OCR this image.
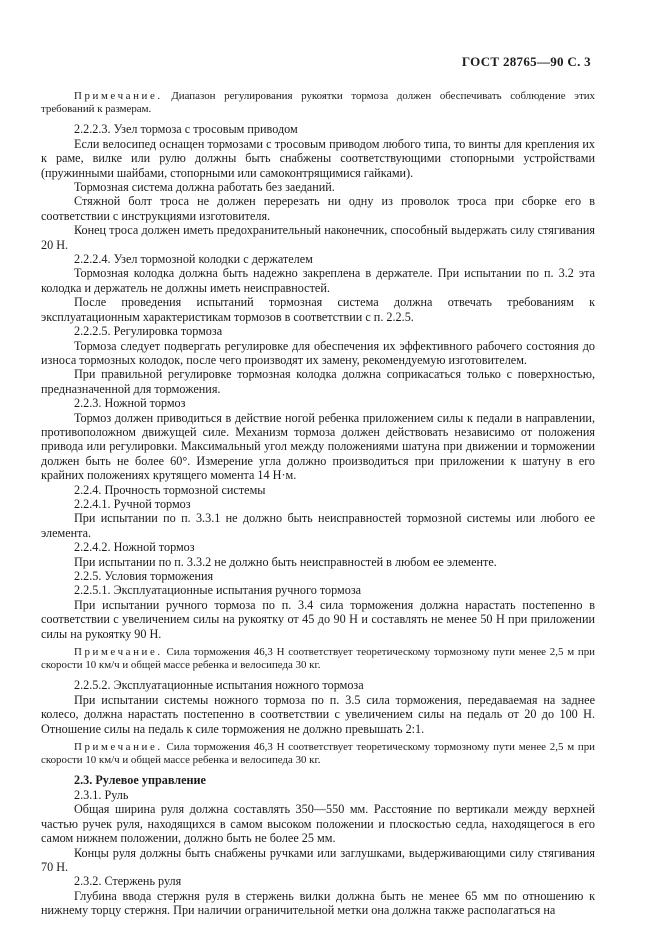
ГОСТ 28765—90 С. 3

Примечание. Диапазон регулирования рукоятки тормоза должен обеспечивать соблюдение этих требований к размерам.

2.2.2.3. Узел тормоза с тросовым приводом

Если велосипед оснащен тормозами с тросовым приводом любого типа, то винты для крепления их к раме, вилке или рулю должны быть снабжены соответствующими стопорными устройствами (пружинными шайбами, стопорными или самоконтрящимися гайками).

Тормозная система должна работать без заеданий.

Стяжной болт троса не должен перерезать ни одну из проволок троса при сборке его в соответствии с инструкциями изготовителя.

Конец троса должен иметь предохранительный наконечник, способный выдержать силу стягивания 20 Н.

2.2.2.4. Узел тормозной колодки с держателем

Тормозная колодка должна быть надежно закреплена в держателе. При испытании по п. 3.2 эта колодка и держатель не должны иметь неисправностей.

После проведения испытаний тормозная система должна отвечать требованиям к эксплуатационным характеристикам тормозов в соответствии с п. 2.2.5.

2.2.2.5. Регулировка тормоза

Тормоза следует подвергать регулировке для обеспечения их эффективного рабочего состояния до износа тормозных колодок, после чего производят их замену, рекомендуемую изготовителем.

При правильной регулировке тормозная колодка должна соприкасаться только с поверхностью, предназначенной для торможения.

2.2.3. Ножной тормоз

Тормоз должен приводиться в действие ногой ребенка приложением силы к педали в направлении, противоположном движущей силе. Механизм тормоза должен действовать независимо от положения привода или регулировки. Максимальный угол между положениями шатуна при движении и торможении должен быть не более 60°. Измерение угла должно производиться при приложении к шатуну в его крайних положениях крутящего момента 14 Н·м.

2.2.4. Прочность тормозной системы

2.2.4.1. Ручной тормоз

При испытании по п. 3.3.1 не должно быть неисправностей тормозной системы или любого ее элемента.

2.2.4.2. Ножной тормоз

При испытании по п. 3.3.2 не должно быть неисправностей в любом ее элементе.

2.2.5. Условия торможения

2.2.5.1. Эксплуатационные испытания ручного тормоза

При испытании ручного тормоза по п. 3.4 сила торможения должна нарастать постепенно в соответствии с увеличением силы на рукоятку от 45 до 90 Н и составлять не менее 50 Н при приложении силы на рукоятку 90 Н.

Примечание. Сила торможения 46,3 Н соответствует теоретическому тормозному пути менее 2,5 м при скорости 10 км/ч и общей массе ребенка и велосипеда 30 кг.

2.2.5.2. Эксплуатационные испытания ножного тормоза

При испытании системы ножного тормоза по п. 3.5 сила торможения, передаваемая на заднее колесо, должна нарастать постепенно в соответствии с увеличением силы на педаль от 20 до 100 Н. Отношение силы на педаль к силе торможения не должно превышать 2:1.

Примечание. Сила торможения 46,3 Н соответствует теоретическому тормозному пути менее 2,5 м при скорости 10 км/ч и общей массе ребенка и велосипеда 30 кг.

2.3. Рулевое управление

2.3.1. Руль

Общая ширина руля должна составлять 350—550 мм. Расстояние по вертикали между верхней частью ручек руля, находящихся в самом высоком положении и плоскостью седла, находящегося в его самом нижнем положении, должно быть не более 25 мм.

Концы руля должны быть снабжены ручками или заглушками, выдерживающими силу стягивания 70 Н.

2.3.2. Стержень руля

Глубина ввода стержня руля в стержень вилки должна быть не менее 65 мм по отношению к нижнему торцу стержня. При наличии ограничительной метки она должна также располагаться на
